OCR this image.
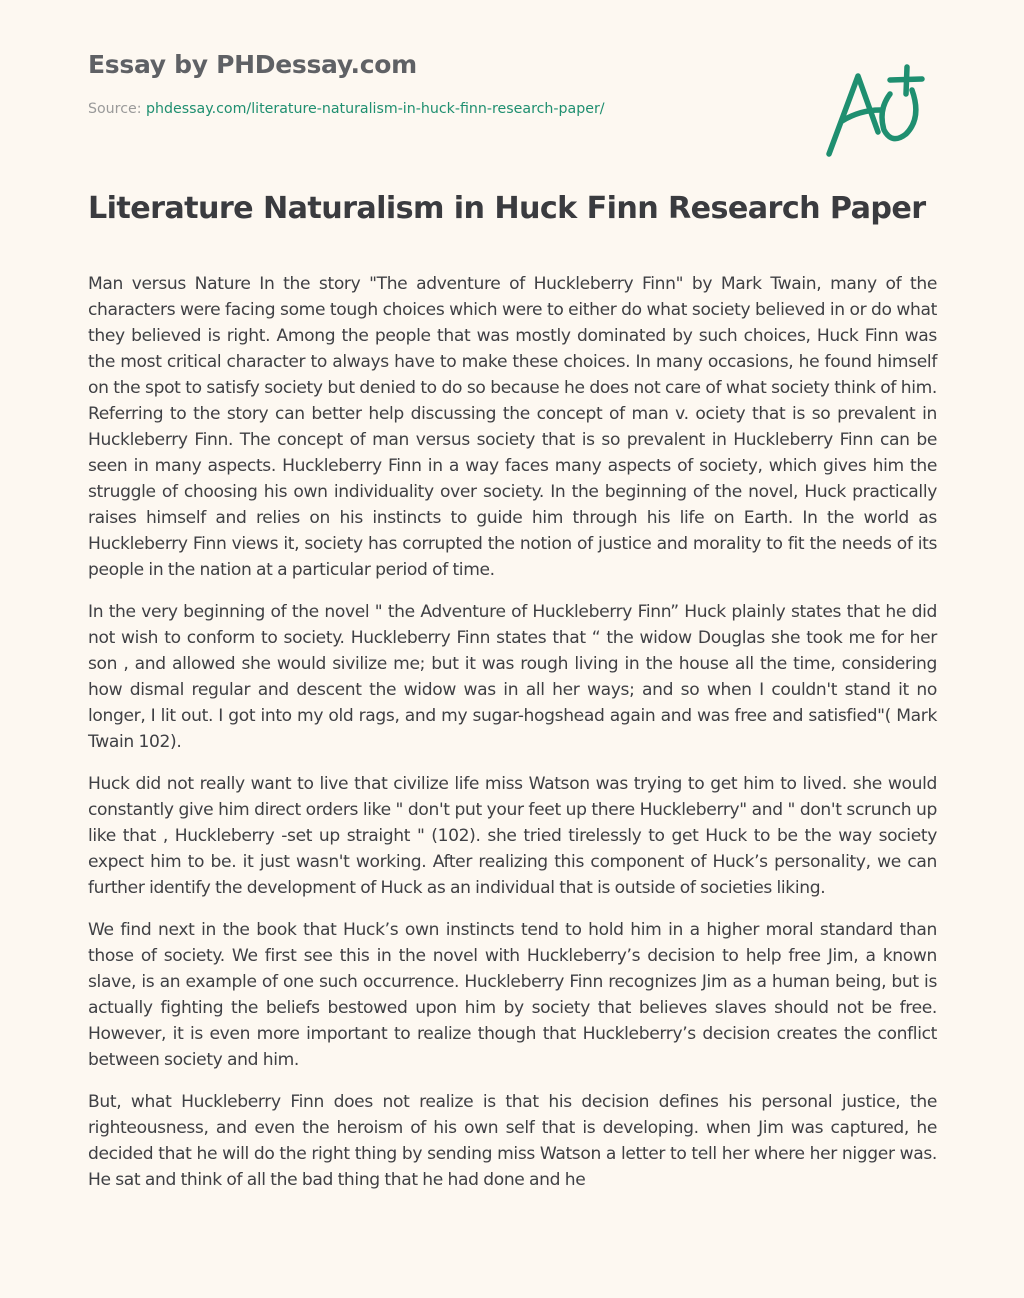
Essay by PHDessay.com
Source: phdessay.com/literature-naturalism-in-huck-finn-research-paper/
Literature Naturalism in Huck Finn Research Paper

Man versus Nature In the story "The adventure of Huckleberry Finn" by Mark Twain, many of the characters were facing some tough choices which were to either do what society believed in or do what they believed is right. Among the people that was mostly dominated by such choices, Huck Finn was the most critical character to always have to make these choices. In many occasions, he found himself on the spot to satisfy society but denied to do so because he does not care of what society think of him. Referring to the story can better help discussing the concept of man v. ociety that is so prevalent in Huckleberry Finn. The concept of man versus society that is so prevalent in Huckleberry Finn can be seen in many aspects. Huckleberry Finn in a way faces many aspects of society, which gives him the struggle of choosing his own individuality over society. In the beginning of the novel, Huck practically raises himself and relies on his instincts to guide him through his life on Earth. In the world as Huckleberry Finn views it, society has corrupted the notion of justice and morality to fit the needs of its people in the nation at a particular period of time.

In the very beginning of the novel " the Adventure of Huckleberry Finn” Huck plainly states that he did not wish to conform to society. Huckleberry Finn states that “ the widow Douglas she took me for her son , and allowed she would sivilize me; but it was rough living in the house all the time, considering how dismal regular and descent the widow was in all her ways; and so when I couldn't stand it no longer, I lit out. I got into my old rags, and my sugar-hogshead again and was free and satisfied"( Mark Twain 102).

Huck did not really want to live that civilize life miss Watson was trying to get him to lived. she would constantly give him direct orders like " don't put your feet up there Huckleberry" and " don't scrunch up like that , Huckleberry -set up straight " (102). she tried tirelessly to get Huck to be the way society expect him to be. it just wasn't working. After realizing this component of Huck’s personality, we can further identify the development of Huck as an individual that is outside of societies liking.

We find next in the book that Huck’s own instincts tend to hold him in a higher moral standard than those of society. We first see this in the novel with Huckleberry’s decision to help free Jim, a known slave, is an example of one such occurrence. Huckleberry Finn recognizes Jim as a human being, but is actually fighting the beliefs bestowed upon him by society that believes slaves should not be free. However, it is even more important to realize though that Huckleberry’s decision creates the conflict between society and him.

But, what Huckleberry Finn does not realize is that his decision defines his personal justice, the righteousness, and even the heroism of his own self that is developing. when Jim was captured, he decided that he will do the right thing by sending miss Watson a letter to tell her where her nigger was. He sat and think of all the bad thing that he had done and he
